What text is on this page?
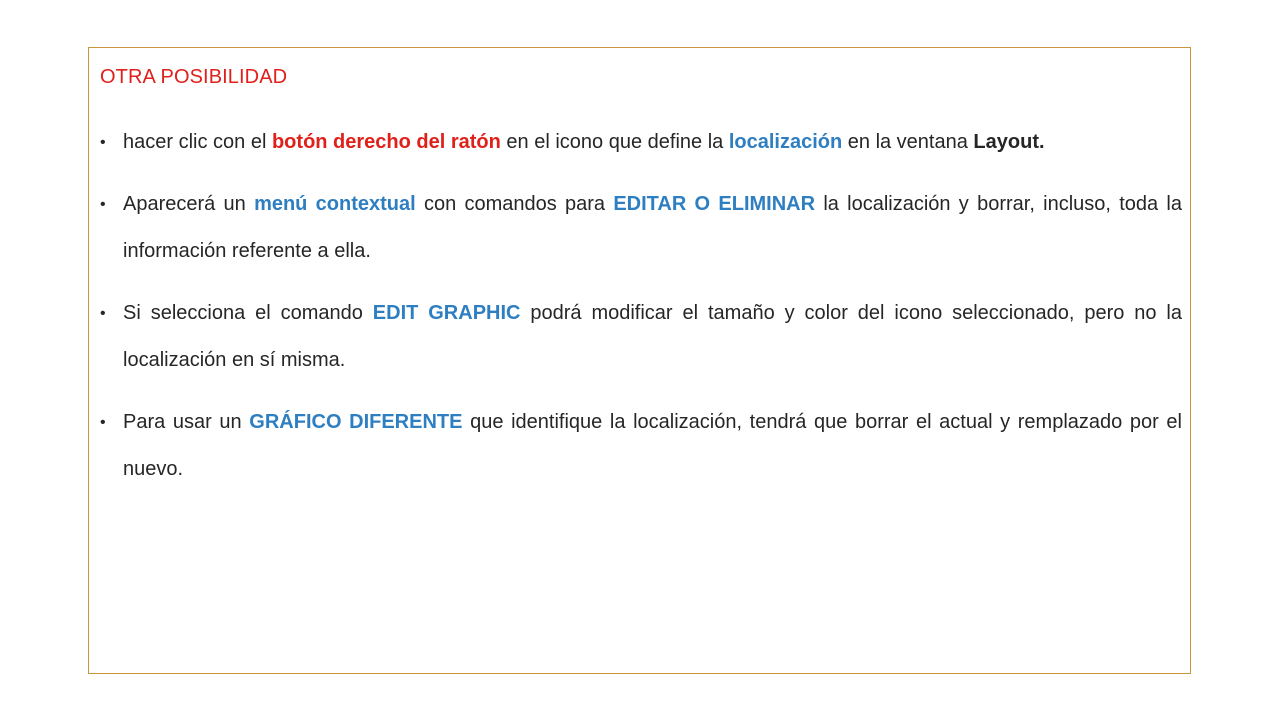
OTRA POSIBILIDAD
• hacer clic con el botón derecho del ratón en el icono que define la localización en la ventana Layout.
• Aparecerá un menú contextual con comandos para EDITAR O ELIMINAR la localización y borrar, incluso, toda la información referente a ella.
• Si selecciona el comando EDIT GRAPHIC podrá modificar el tamaño y color del icono seleccionado, pero no la localización en sí misma.
• Para usar un GRÁFICO DIFERENTE que identifique la localización, tendrá que borrar el actual y remplazado por el nuevo.
